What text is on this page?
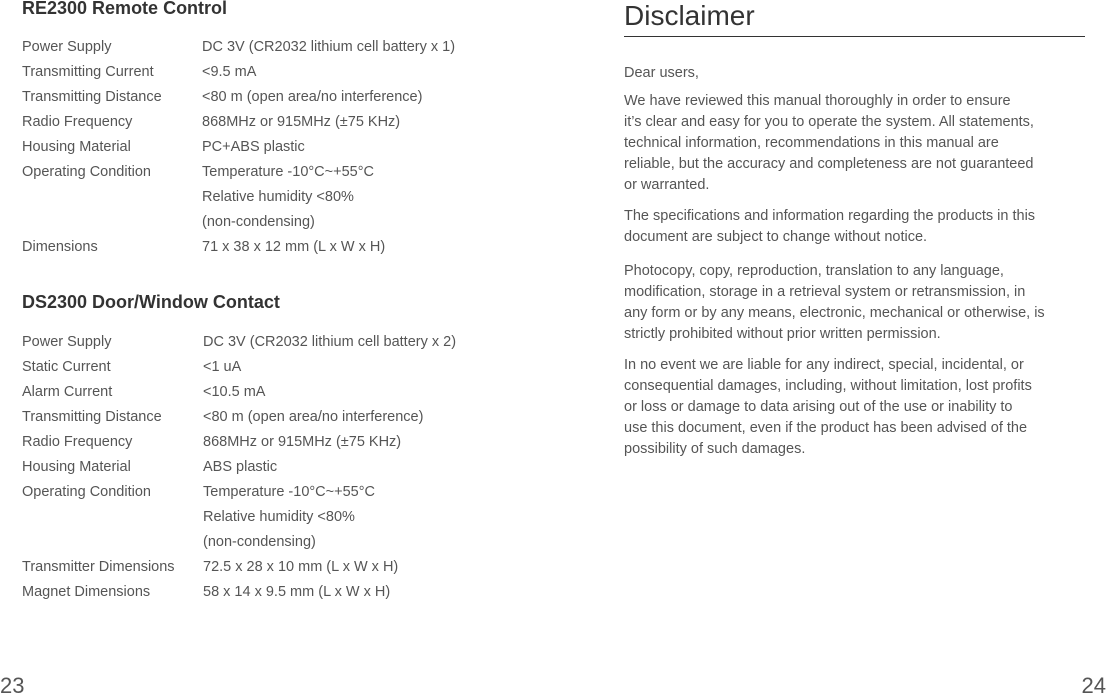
RE2300 Remote Control
Power Supply	DC 3V (CR2032 lithium cell battery x 1)
Transmitting Current	<9.5 mA
Transmitting Distance	<80 m (open area/no interference)
Radio Frequency	868MHz or 915MHz (±75 KHz)
Housing Material	PC+ABS plastic
Operating Condition	Temperature -10°C~+55°C
Relative humidity <80%
(non-condensing)
Dimensions	71 x 38 x 12 mm (L x W x H)
DS2300 Door/Window Contact
Power Supply	DC 3V (CR2032 lithium cell battery x 2)
Static Current	<1 uA
Alarm Current	<10.5 mA
Transmitting Distance	<80 m (open area/no interference)
Radio Frequency	868MHz or 915MHz (±75 KHz)
Housing Material	ABS plastic
Operating Condition	Temperature -10°C~+55°C
Relative humidity <80%
(non-condensing)
Transmitter Dimensions 72.5 x 28 x 10 mm (L x W x H)
Magnet Dimensions	58 x 14 x 9.5 mm (L x W x H)
23
Disclaimer
Dear users,
We have reviewed this manual thoroughly in order to ensure
it’s clear and easy for you to operate the system. All statements,
technical information, recommendations in this manual are
reliable, but the accuracy and completeness are not guaranteed
or warranted.
The specifications and information regarding the products in this
document are subject to change without notice.
Photocopy, copy, reproduction, translation to any language,
modification, storage in a retrieval system or retransmission, in
any form or by any means, electronic, mechanical or otherwise, is
strictly prohibited without prior written permission.
In no event we are liable for any indirect, special, incidental, or
consequential damages, including, without limitation, lost profits
or loss or damage to data arising out of the use or inability to
use this document, even if the product has been advised of the
possibility of such damages.
24
